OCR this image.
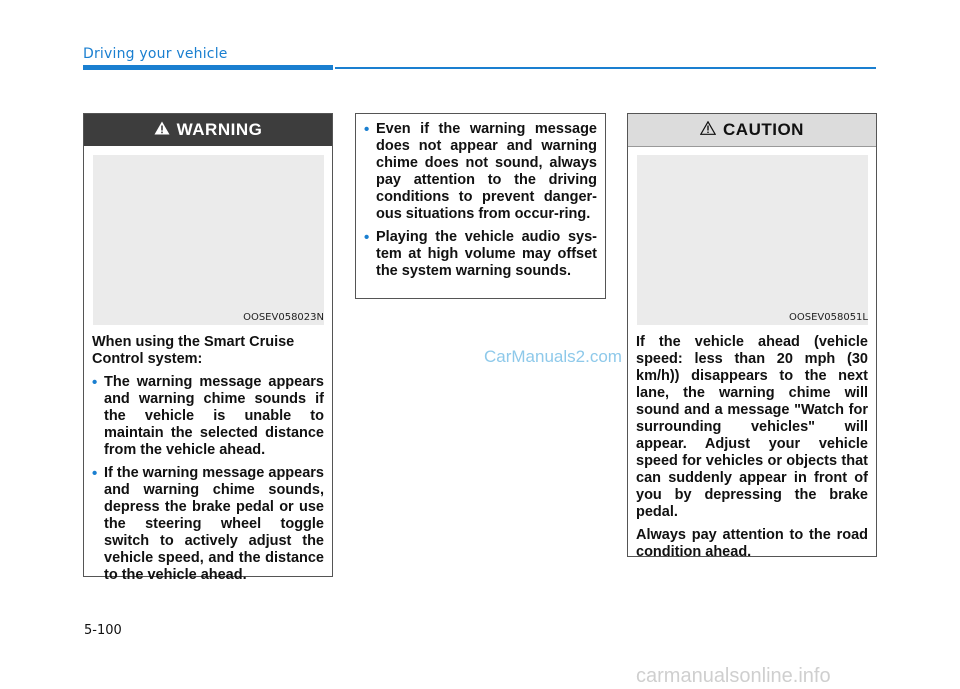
Driving your vehicle
WARNING
OOSEV058023N

When using the Smart Cruise Control system:

• The warning message appears and warning chime sounds if the vehicle is unable to maintain the selected distance from the vehicle ahead.
• If the warning message appears and warning chime sounds, depress the brake pedal or use the steering wheel toggle switch to actively adjust the vehicle speed, and the distance to the vehicle ahead.
• Even if the warning message does not appear and warning chime does not sound, always pay attention to the driving conditions to prevent danger-ous situations from occur-ring.
• Playing the vehicle audio sys-tem at high volume may offset the system warning sounds.
CarManuals2.com
CAUTION
OOSEV058051L

If the vehicle ahead (vehicle speed: less than 20 mph (30 km/h)) disappears to the next lane, the warning chime will sound and a message "Watch for surrounding vehicles" will appear. Adjust your vehicle speed for vehicles or objects that can suddenly appear in front of you by depressing the brake pedal.

Always pay attention to the road condition ahead.

5-100
carmanualsonline.info
